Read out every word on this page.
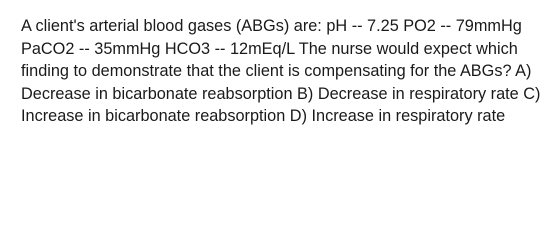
A client's arterial blood gases (ABGs) are: pH -- 7.25 PO2 -- 79mmHg PaCO2 -- 35mmHg HCO3 -- 12mEq/L The nurse would expect which finding to demonstrate that the client is compensating for the ABGs? A) Decrease in bicarbonate reabsorption B) Decrease in respiratory rate C) Increase in bicarbonate reabsorption D) Increase in respiratory rate
